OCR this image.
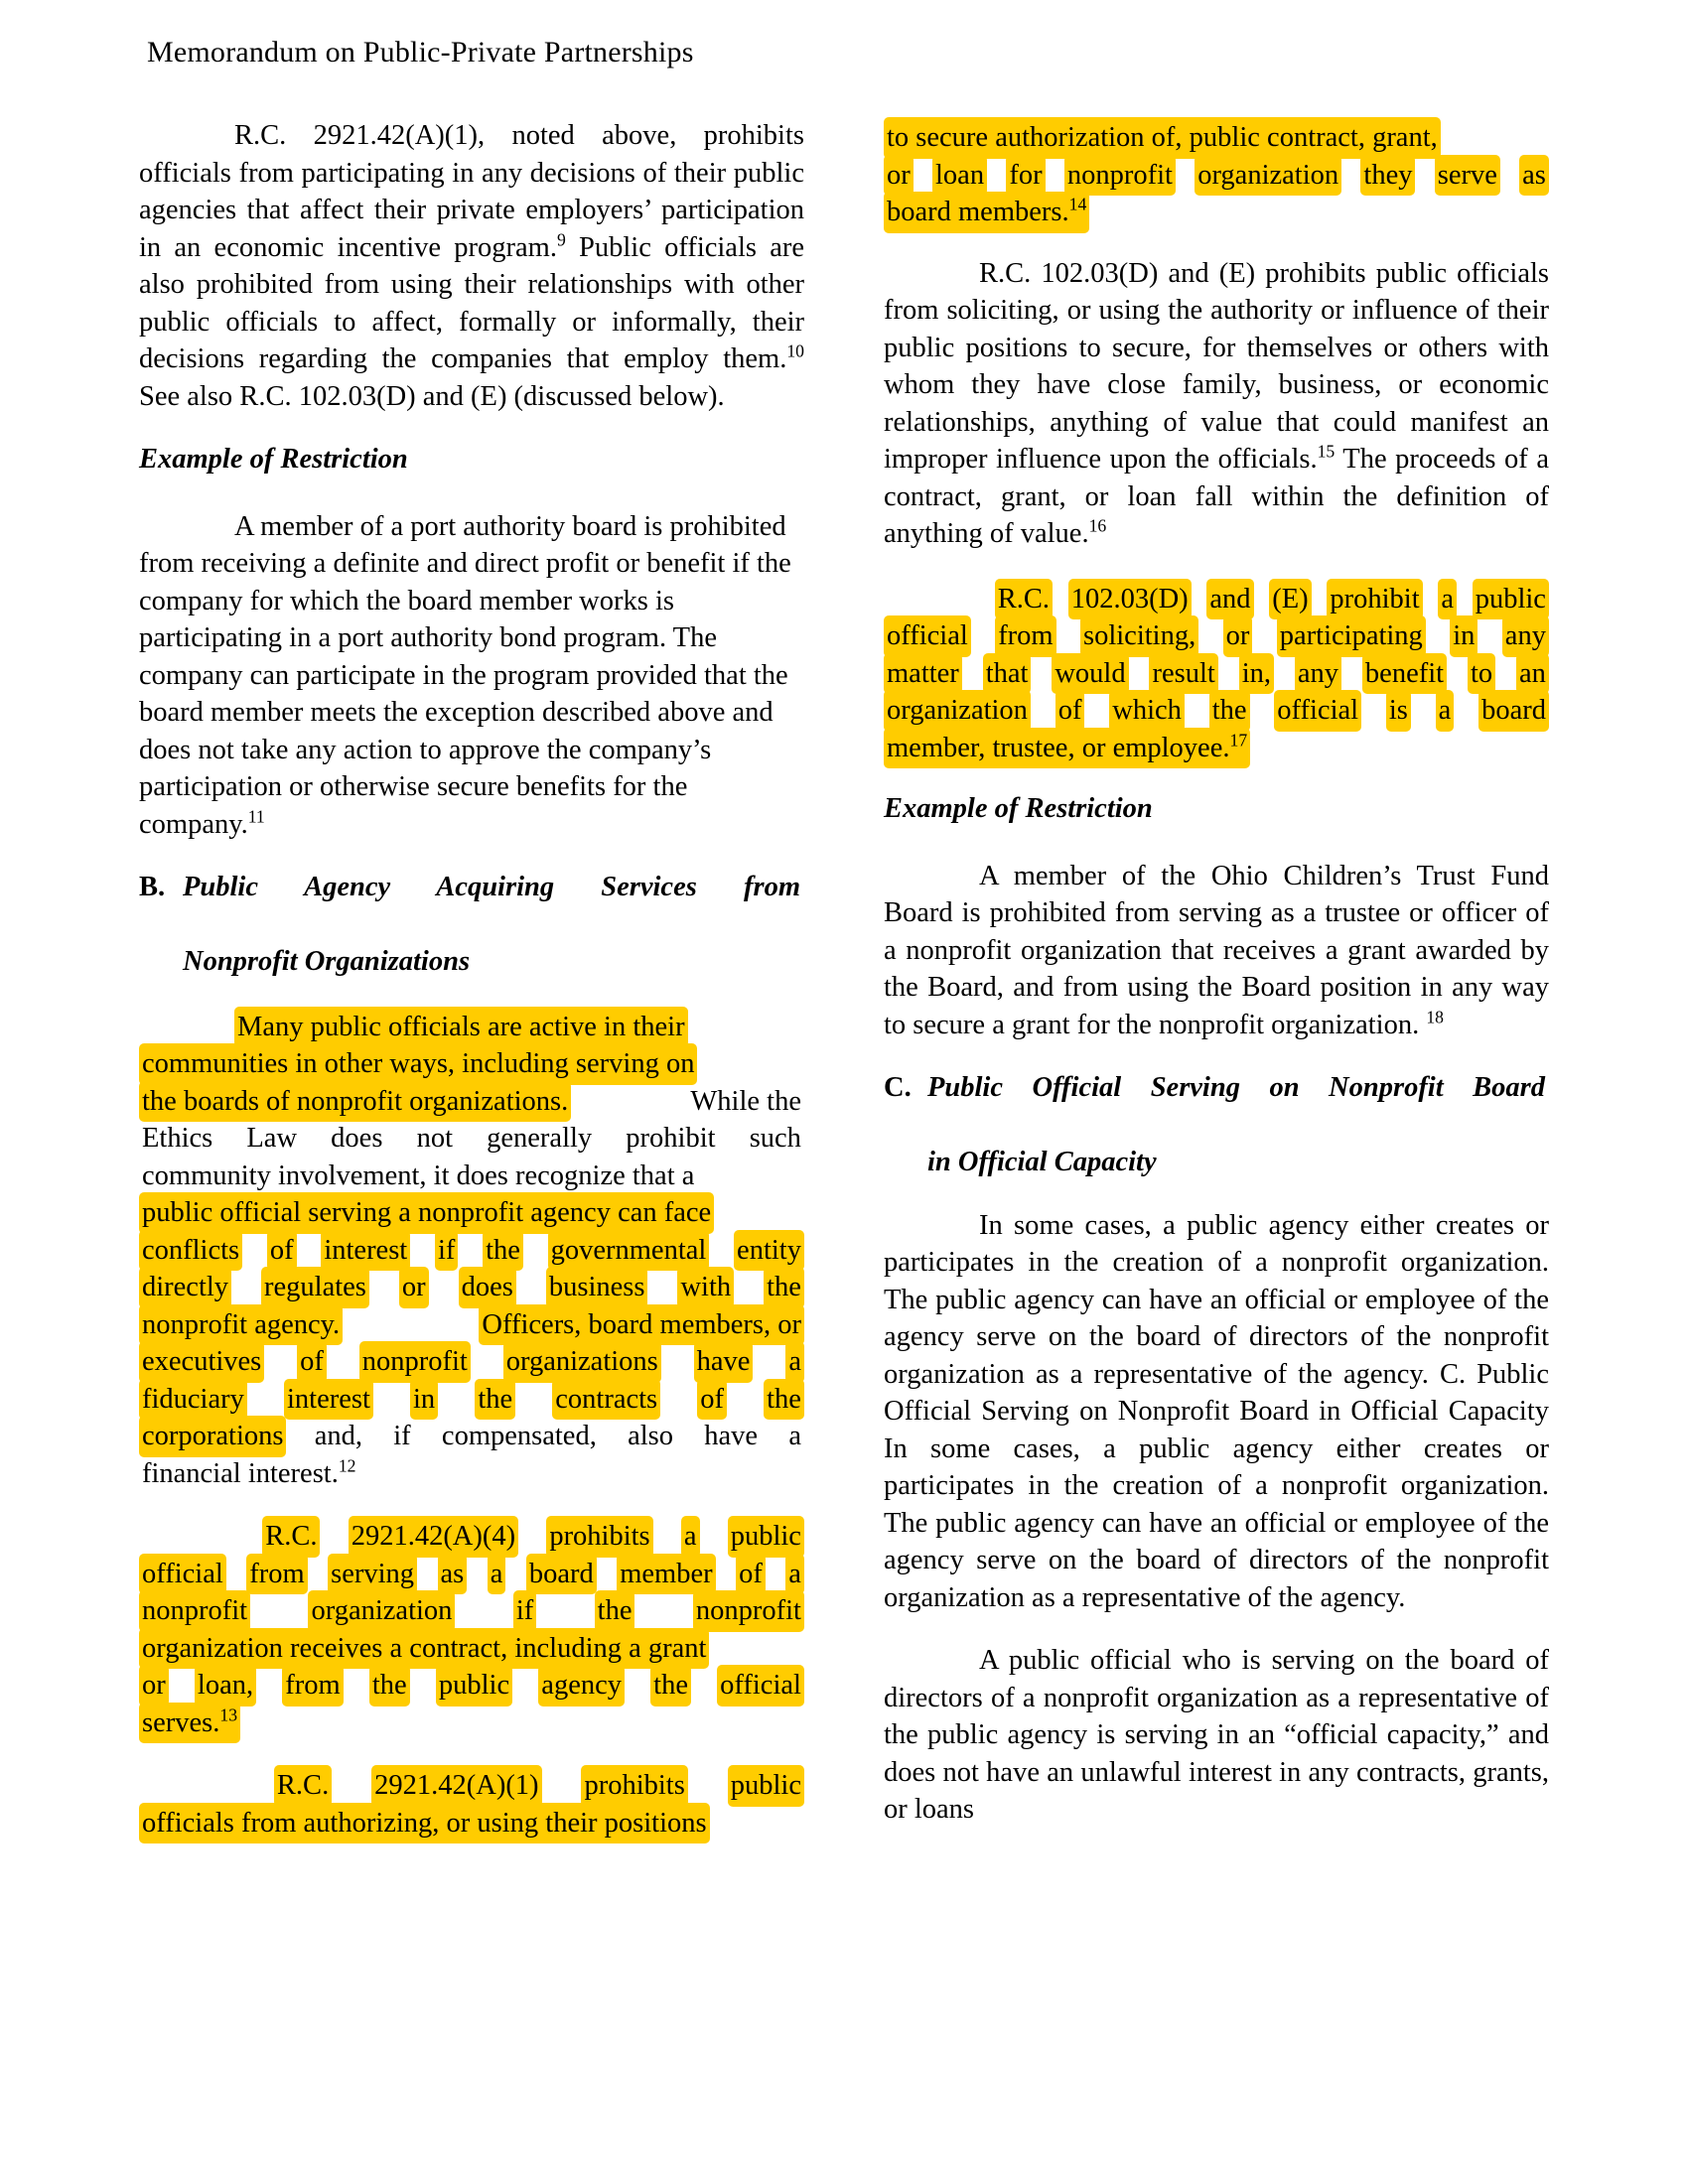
Memorandum on Public-Private Partnerships

R.C. 2921.42(A)(1), noted above, prohibits officials from participating in any decisions of their public agencies that affect their private employers’ participation in an economic incentive program.$^9$ Public officials are also prohibited from using their relationships with other public officials to affect, formally or informally, their decisions regarding the companies that employ them.$^{10}$ See also R.C. 102.03(D) and (E) (discussed below).

Example of Restriction

A member of a port authority board is prohibited from receiving a definite and direct profit or benefit if the company for which the board member works is participating in a port authority bond program. The company can participate in the program provided that the board member meets the exception described above and does not take any action to approve the company’s participation or otherwise secure benefits for the company.$^{11}$

B. Public Agency Acquiring Services from
Nonprofit Organizations
Many public officials are active in their
communities in other ways, including serving on
the boards of nonprofit organizations.	While the
Ethics Law does not generally prohibit such
community involvement, it does recognize that a
public official serving a nonprofit agency can face
conflicts of interest if the governmental entity
directly regulates or does business with the
nonprofit agency.	Officers, board members, or
executives of nonprofit organizations have a
fiduciary interest in the contracts of the
corporations and, if compensated, also have a
financial interest.$^{12}$
R.C. 2921.42(A)(4) prohibits a public
official from serving as a board member of a
nonprofit organization if the nonprofit
organization receives a contract, including a grant
or loan, from the public agency the official
serves.$^{13}$
R.C. 2921.42(A)(1) prohibits public
officials from authorizing, or using their positions
to secure authorization of, public contract, grant,
or loan for nonprofit organization they serve as
board members.$^{14}$

R.C. 102.03(D) and (E) prohibits public officials from soliciting, or using the authority or influence of their public positions to secure, for themselves or others with whom they have close family, business, or economic relationships, anything of value that could manifest an improper influence upon the officials.$^{15}$ The proceeds of a contract, grant, or loan fall within the definition of anything of value.$^{16}$

R.C. 102.03(D) and (E) prohibit a public
official from soliciting, or participating in any
matter that would result in, any benefit to an
organization of which the official is a board
member, trustee, or employee.$^{17}$
Example of Restriction

A member of the Ohio Children’s Trust Fund Board is prohibited from serving as a trustee or officer of a nonprofit organization that receives a grant awarded by the Board, and from using the Board position in any way to secure a grant for the nonprofit organization. $^{18}$

C. Public Official Serving on Nonprofit Board
in Official Capacity

In some cases, a public agency either creates or participates in the creation of a nonprofit organization. The public agency can have an official or employee of the agency serve on the board of directors of the nonprofit organization as a representative of the agency. C. Public Official Serving on Nonprofit Board in Official Capacity In some cases, a public agency either creates or participates in the creation of a nonprofit organization. The public agency can have an official or employee of the agency serve on the board of directors of the nonprofit organization as a representative of the agency.

A public official who is serving on the board of directors of a nonprofit organization as a representative of the public agency is serving in an “official capacity,” and does not have an unlawful interest in any contracts, grants, or loans
